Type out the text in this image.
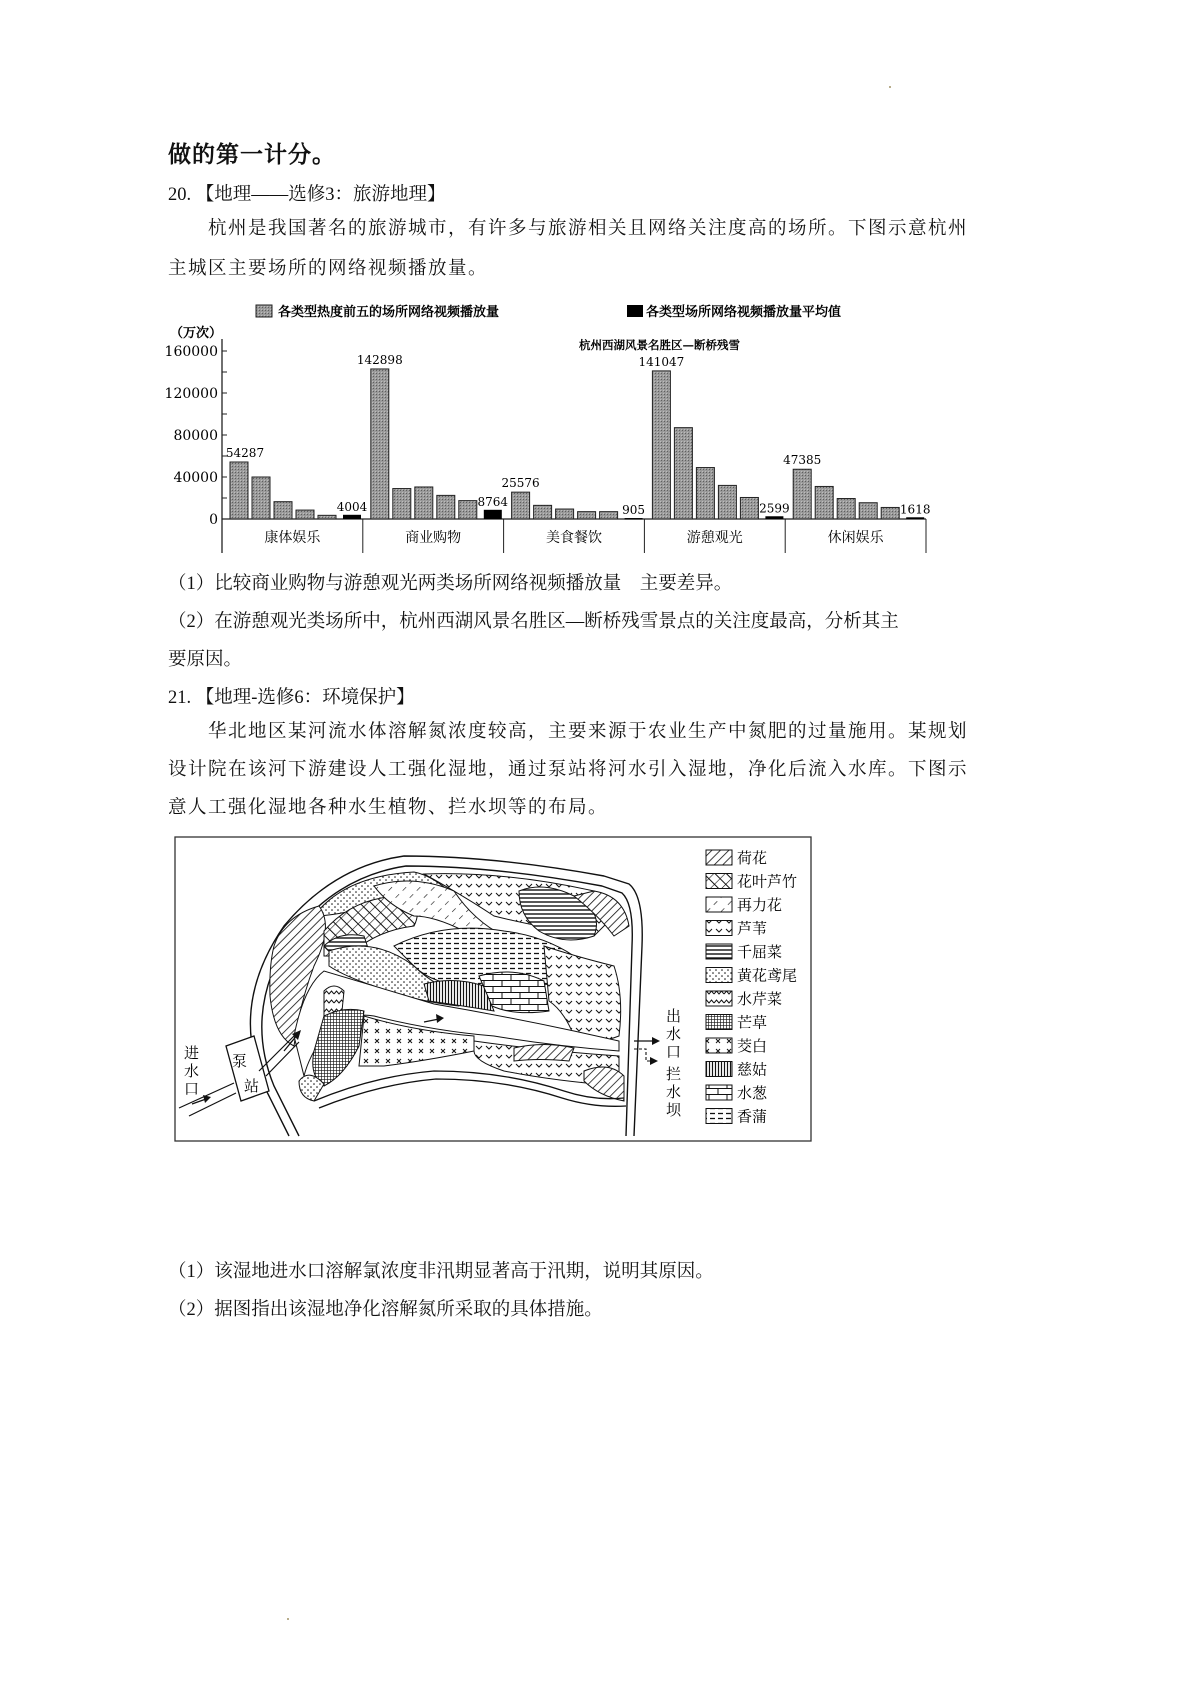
做的第一计分。
20. 【地理——选修3：旅游地理】
杭州是我国著名的旅游城市，有许多与旅游相关且网络关注度高的场所。下图示意杭州
主城区主要场所的网络视频播放量。
各类型热度前五的场所网络视频播放量	各类型场所网络视频播放量平均值
（万次）
杭州西湖风景名胜区—断桥残雪
0
40000
80000
120000
160000
54287
4004
142898
8764
25576
905
141047
2599
47385
1618
康体娱乐	商业购物	美食餐饮	游憩观光	休闲娱乐
（1）比较商业购物与游憩观光两类场所网络视频播放量　主要差异。
（2）在游憩观光类场所中，杭州西湖风景名胜区—断桥残雪景点的关注度最高，分析其主
要原因。
21. 【地理-选修6：环境保护】
华北地区某河流水体溶解氮浓度较高，主要来源于农业生产中氮肥的过量施用。某规划
设计院在该河下游建设人工强化湿地，通过泵站将河水引入湿地，净化后流入水库。下图示
意人工强化湿地各种水生植物、拦水坝等的布局。
泵
站
进
水
口
出
水
口
拦
水
坝
荷花
花叶芦竹
再力花
芦苇
千屈菜
黄花鸢尾
水芹菜
芒草
茭白
慈姑
水葱
香蒲
（1）该湿地进水口溶解氯浓度非汛期显著高于汛期，说明其原因。
（2）据图指出该湿地净化溶解氮所采取的具体措施。
